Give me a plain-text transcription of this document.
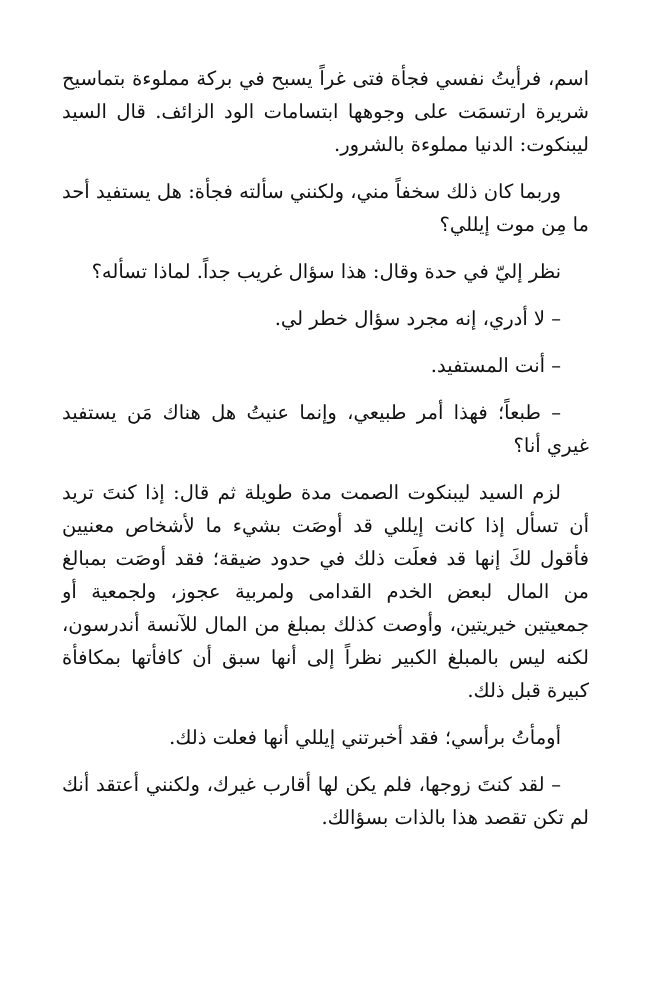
اسم، فرأيتُ نفسي فجأة فتى غراً يسبح في بركة مملوءة بتماسيح شريرة ارتسمَت على وجوهها ابتسامات الود الزائف. قال السيد ليبنكوت: الدنيا مملوءة بالشرور.

وربما كان ذلك سخفاً مني، ولكنني سألته فجأة: هل يستفيد أحد ما مِن موت إيللي؟

نظر إليّ في حدة وقال: هذا سؤال غريب جداً. لماذا تسأله؟

– لا أدري، إنه مجرد سؤال خطر لي.

– أنت المستفيد.

– طبعاً؛ فهذا أمر طبيعي، وإنما عنيتُ هل هناك مَن يستفيد غيري أنا؟

لزم السيد ليبنكوت الصمت مدة طويلة ثم قال: إذا كنتَ تريد أن تسأل إذا كانت إيللي قد أوصَت بشيء ما لأشخاص معنيين فأقول لكَ إنها قد فعلَت ذلك في حدود ضيقة؛ فقد أوصَت بمبالغ من المال لبعض الخدم القدامى ولمربية عجوز، ولجمعية أو جمعيتين خيريتين، وأوصت كذلك بمبلغ من المال للآنسة أندرسون، لكنه ليس بالمبلغ الكبير نظراً إلى أنها سبق أن كافأتها بمكافأة كبيرة قبل ذلك.

أومأتُ برأسي؛ فقد أخبرتني إيللي أنها فعلت ذلك.

– لقد كنتَ زوجها، فلم يكن لها أقارب غيرك، ولكنني أعتقد أنك لم تكن تقصد هذا بالذات بسؤالك.
